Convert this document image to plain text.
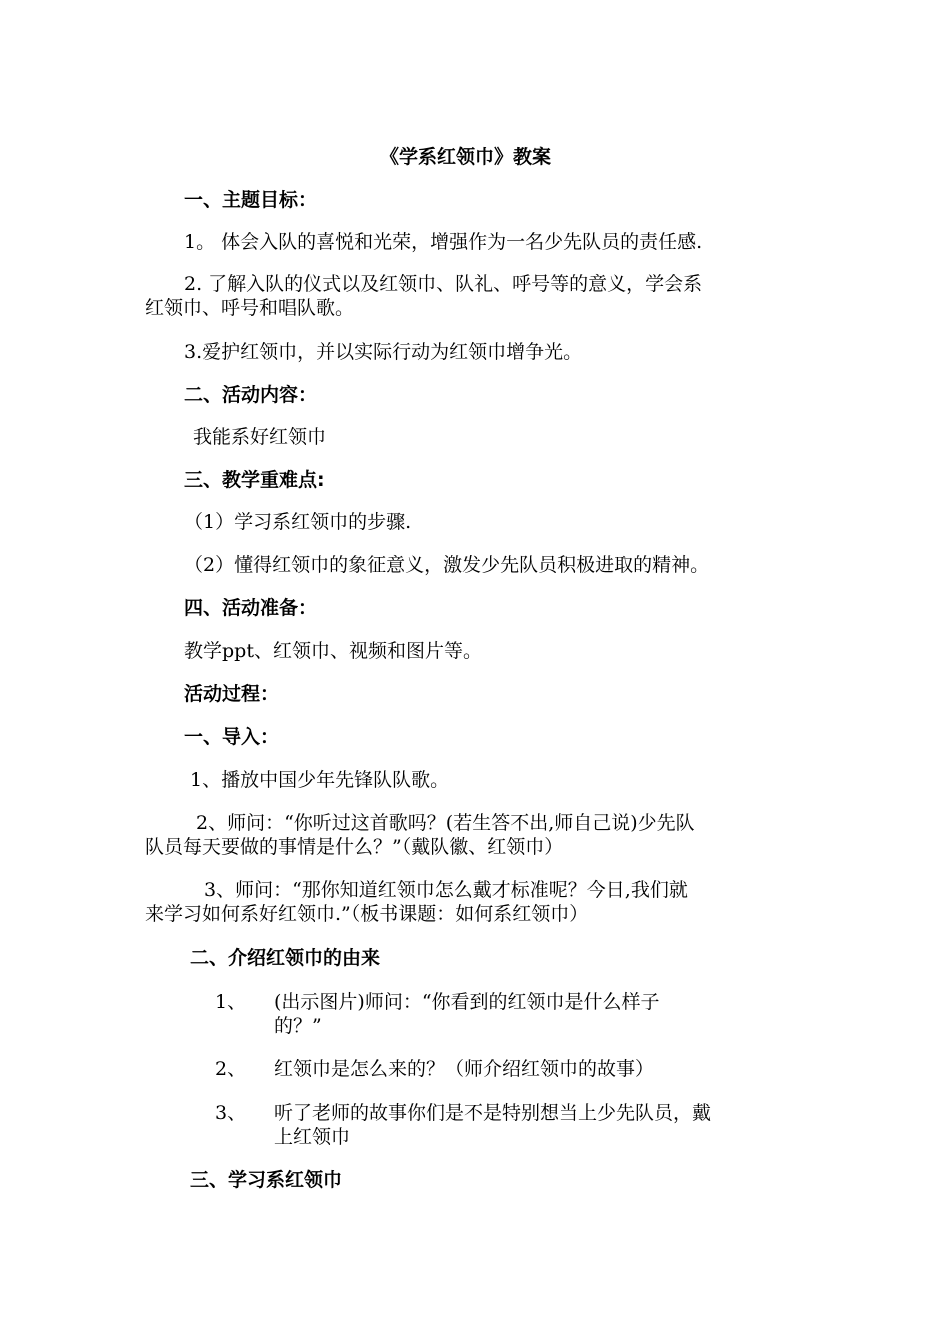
《学系红领巾》教案
一、主题目标：
1。 体会入队的喜悦和光荣，增强作为一名少先队员的责任感.
2. 了解入队的仪式以及红领巾、队礼、呼号等的意义，学会系
红领巾、呼号和唱队歌。
3.爱护红领巾，并以实际行动为红领巾增争光。
二、活动内容：
我能系好红领巾
三、教学重难点:
（1）学习系红领巾的步骤.
（2）懂得红领巾的象征意义，激发少先队员积极进取的精神。
四、活动准备：
教学ppt、红领巾、视频和图片等。
活动过程：
一、导入：
1、播放中国少年先锋队队歌。
2、师问：“你听过这首歌吗？(若生答不出,师自己说)少先队
队员每天要做的事情是什么？”（戴队徽、红领巾）
3、师问：“那你知道红领巾怎么戴才标准呢？今日,我们就
来学习如何系好红领巾.”（板书课题：如何系红领巾）
二、介绍红领巾的由来
1、 (出示图片)师问：“你看到的红领巾是什么样子
的？”
2、 红领巾是怎么来的？（师介绍红领巾的故事）
3、 听了老师的故事你们是不是特别想当上少先队员，戴
上红领巾
三、学习系红领巾
